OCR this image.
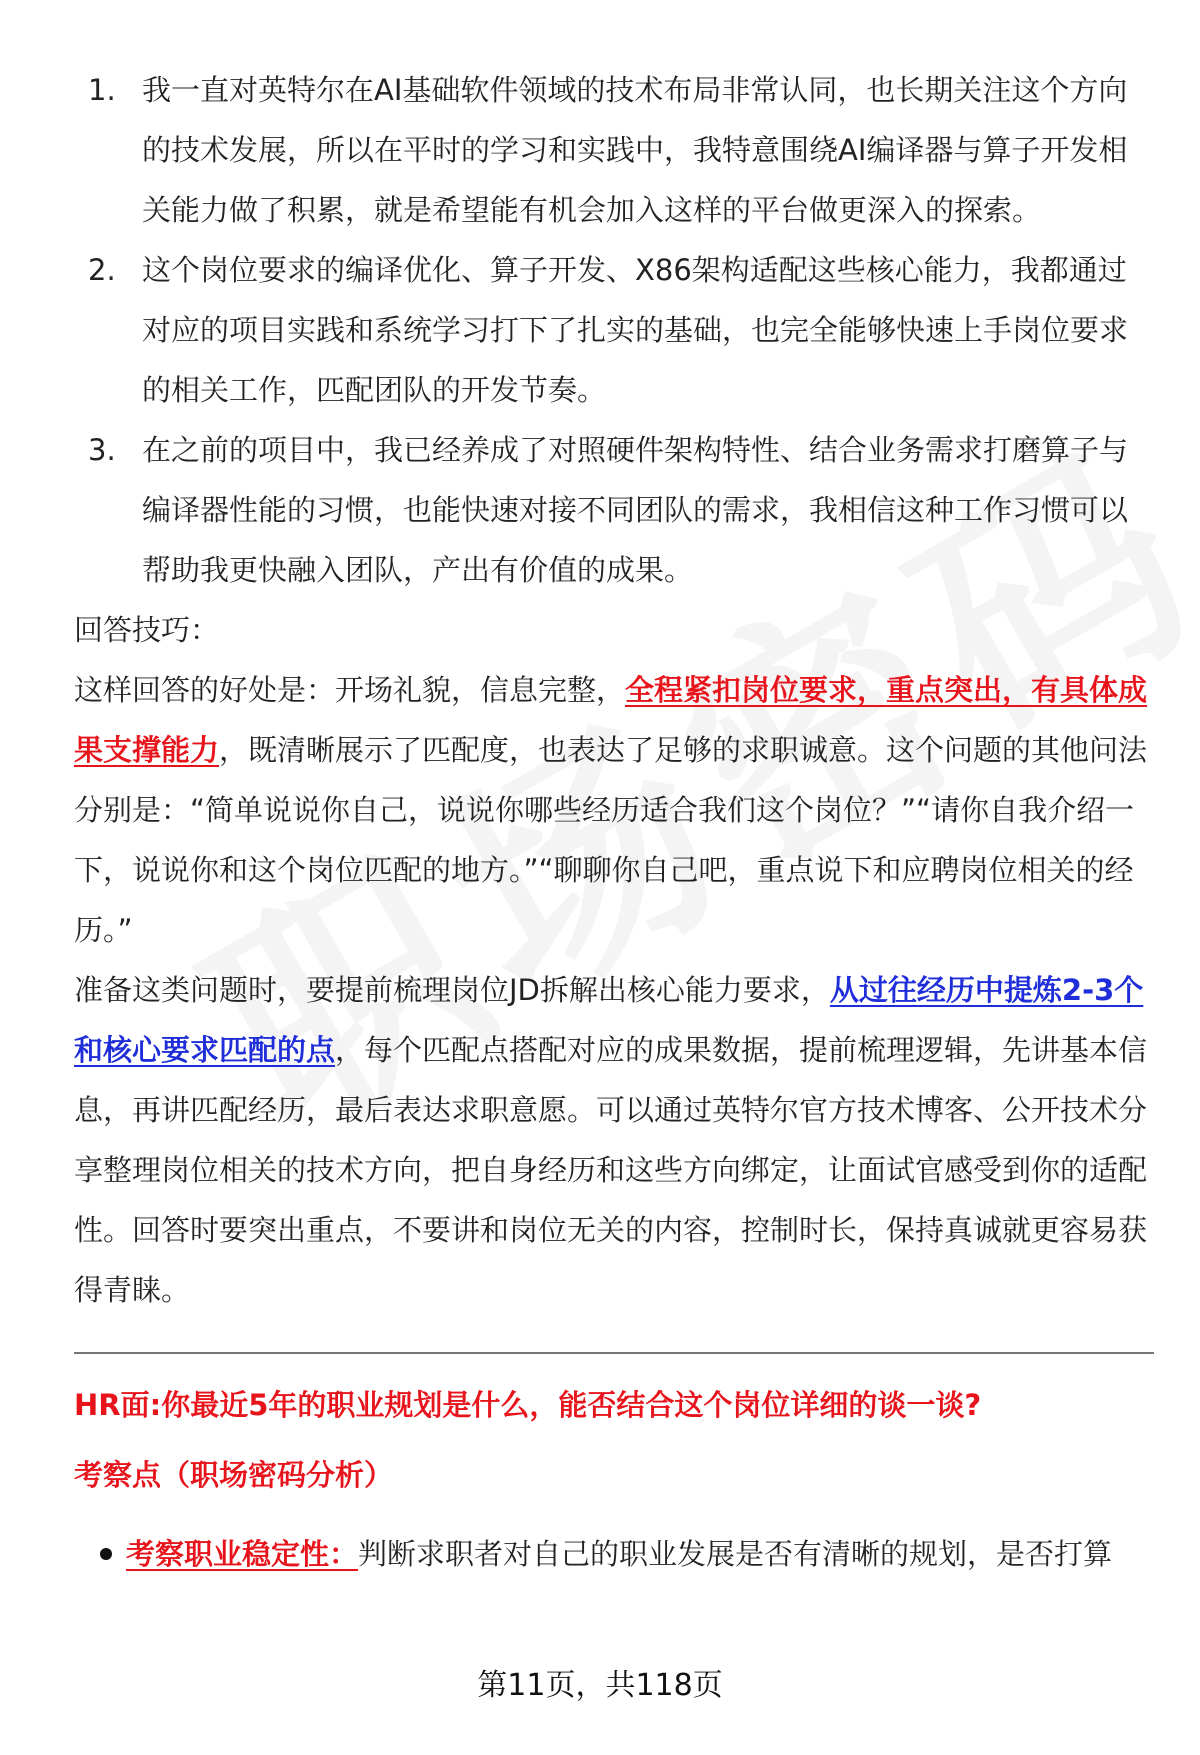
1. 我一直对英特尔在AI基础软件领域的技术布局非常认同，也长期关注这个方向的技术发展，所以在平时的学习和实践中，我特意围绕AI编译器与算子开发相关能力做了积累，就是希望能有机会加入这样的平台做更深入的探索。
2. 这个岗位要求的编译优化、算子开发、X86架构适配这些核心能力，我都通过对应的项目实践和系统学习打下了扎实的基础，也完全能够快速上手岗位要求的相关工作，匹配团队的开发节奏。
3. 在之前的项目中，我已经养成了对照硬件架构特性、结合业务需求打磨算子与编译器性能的习惯，也能快速对接不同团队的需求，我相信这种工作习惯可以帮助我更快融入团队，产出有价值的成果。

回答技巧：

这样回答的好处是：开场礼貌，信息完整，全程紧扣岗位要求，重点突出，有具体成果支撑能力，既清晰展示了匹配度，也表达了足够的求职诚意。这个问题的其他问法分别是：“简单说说你自己，说说你哪些经历适合我们这个岗位？”“请你自我介绍一下，说说你和这个岗位匹配的地方。”“聊聊你自己吧，重点说下和应聘岗位相关的经历。”

准备这类问题时，要提前梳理岗位JD拆解出核心能力要求，从过往经历中提炼2-3个和核心要求匹配的点，每个匹配点搭配对应的成果数据，提前梳理逻辑，先讲基本信息，再讲匹配经历，最后表达求职意愿。可以通过英特尔官方技术博客、公开技术分享整理岗位相关的技术方向，把自身经历和这些方向绑定，让面试官感受到你的适配性。回答时要突出重点，不要讲和岗位无关的内容，控制时长，保持真诚就更容易获得青睐。

HR面:你最近5年的职业规划是什么，能否结合这个岗位详细的谈一谈?
考察点（职场密码分析）
考察职业稳定性：判断求职者对自己的职业发展是否有清晰的规划，是否打算
第11页，共118页
